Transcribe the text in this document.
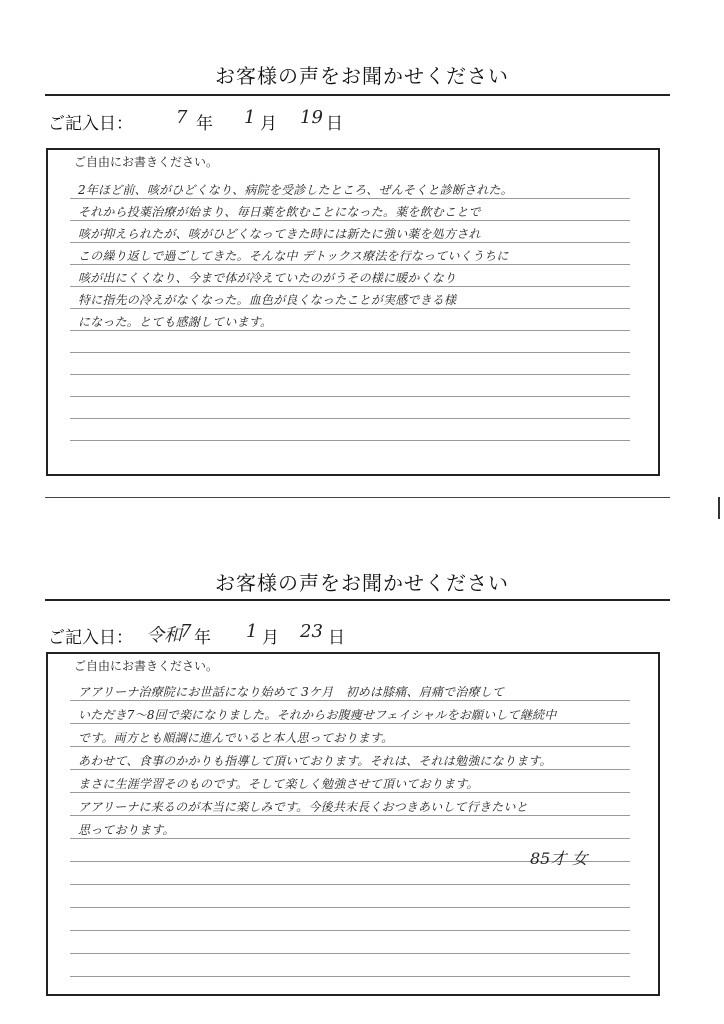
お客様の声をお聞かせください
ご記入日： 7 年 1 月 19 日
ご自由にお書きください。
2年ほど前、咳がひどくなり、病院を受診したところ、ぜんそくと診断された。
それから投薬治療が始まり、毎日薬を飲むことになった。薬を飲むことで
咳が抑えられたが、咳がひどくなってきた時には新たに強い薬を処方され
この繰り返しで過ごしてきた。そんな中 デトックス療法を行なっていくうちに
咳が出にくくなり、今まで体が冷えていたのがうその様に暖かくなり
特に指先の冷えがなくなった。血色が良くなったことが実感できる様
になった。とても感謝しています。
お客様の声をお聞かせください
ご記入日： 令和
7 年 1 月 23 日
ご自由にお書きください。
アアリーナ治療院にお世話になり始めて 3ケ月　初めは膝痛、肩痛で治療して
いただき7〜8回で楽になりました。それからお腹痩せフェイシャルをお願いして継続中
です。両方とも順調に進んでいると本人思っております。
あわせて、食事のかかりも指導して頂いております。それは、それは勉強になります。
まさに生涯学習そのものです。そして楽しく勉強させて頂いております。
アアリーナに来るのが本当に楽しみです。今後共末長くおつきあいして行きたいと
思っております。
85才 女
